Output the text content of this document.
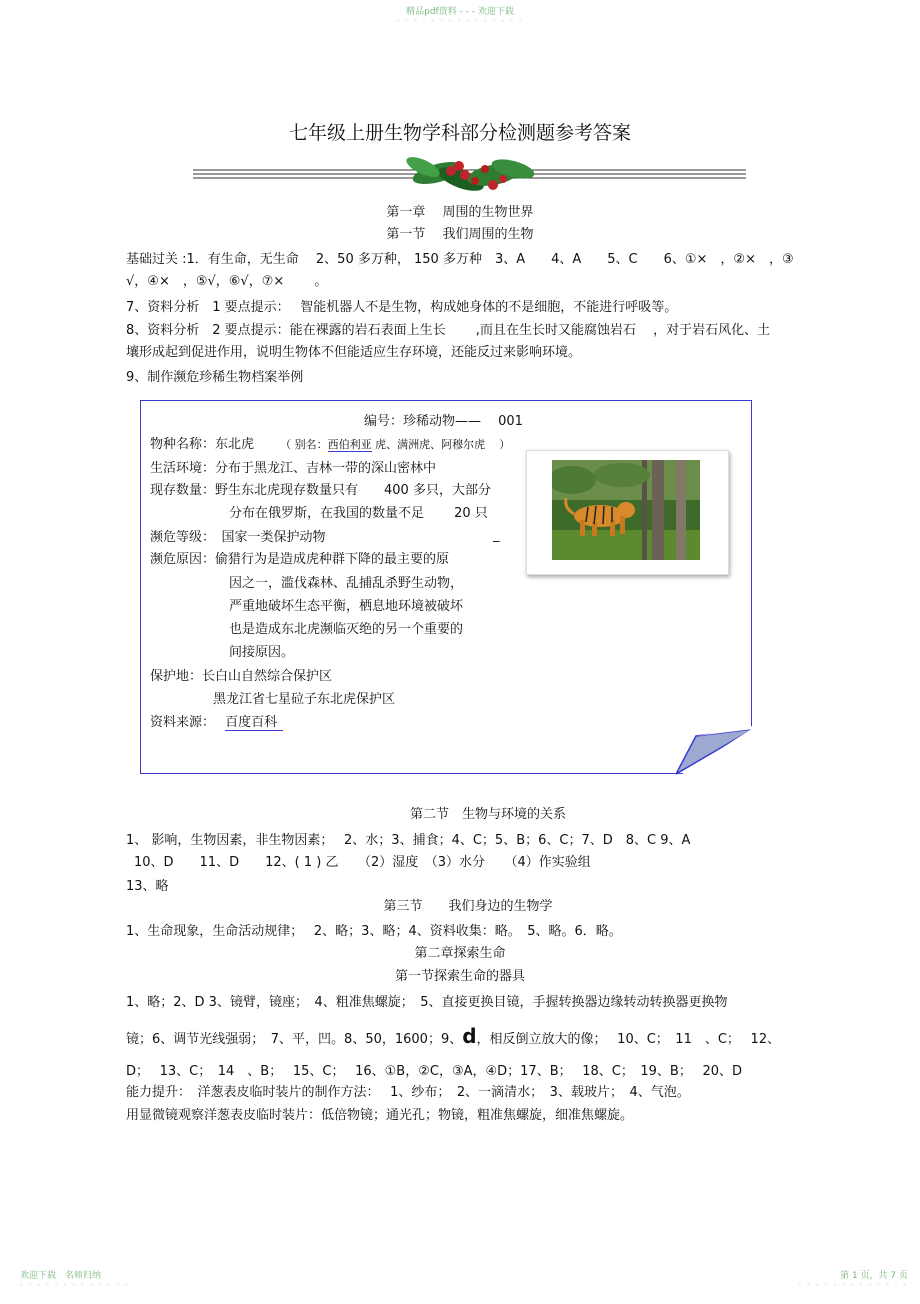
精品pdf资料 - - - 欢迎下载
- - - - - - - - - - - - - - -
七年级上册生物学科部分检测题参考答案
第一章　 周围的生物世界
第一节　 我们周围的生物
基础过关 :1．有生命，无生命　 2、50 多万种， 150 多万种　3、A　　4、A　　5、C　　6、①×　，②×　，③
√，④×　，⑤√，⑥√，⑦×　　 。
7、资料分析　1 要点提示：　 智能机器人不是生物，构成她身体的不是细胞，不能进行呼吸等。
8、资料分析　2 要点提示：能在裸露的岩石表面上生长　　 ,而且在生长时又能腐蚀岩石　 ，对于岩石风化、土
壤形成起到促进作用，说明生物体不但能适应生存环境，还能反过来影响环境。
9、制作濒危珍稀生物档案举例
编号：珍稀动物——　 001
物种名称：东北虎 （ 别名：西伯利亚 虎、满洲虎、阿穆尔虎 ）
生活环境：分布于黑龙江、吉林一带的深山密林中
现存数量：野生东北虎现存数量只有　　400 多只，大部分
分布在俄罗斯，在我国的数量不足　　 20 只
濒危等级：　国家一类保护动物	_
濒危原因：偷猎行为是造成虎种群下降的最主要的原
因之一，滥伐森林、乱捕乱杀野生动物，
严重地破坏生态平衡，栖息地环境被破坏
也是造成东北虎濒临灭绝的另一个重要的
间接原因。
保护地：长白山自然综合保护区
黑龙江省七星砬子东北虎保护区
资料来源： 百度百科
第二节　生物与环境的关系
1、 影响，生物因素，非生物因素；　 2、水；3、捕食；4、C；5、B；6、C；7、D　8、C 9、A
10、D　　11、D　　12、( 1 ) 乙　　（2）湿度　（3）水分　　（4）作实验组
13、略
第三节　　我们身边的生物学
1、生命现象，生命活动规律；　 2、略；3、略；4、资料收集：略。　5、略。6．略。
第二章探索生命
第一节探索生命的器具
1、略；2、D 3、镜臂，镜座；　4、粗准焦螺旋；　5、直接更换目镜，手握转换器边缘转动转换器更换物
镜；6、调节光线强弱；　7、平，凹。8、50，1600；9、d，相反倒立放大的像；　 10、C；　11　、C；　 12、
D；　 13、C；　14　、B；　 15、C；　 16、①B，②C，③A，④D；17、B；　 18、C；　19、B；　 20、D
能力提升：　洋葱表皮临时装片的制作方法：　 1、纱布；　2、一滴清水；　3、载玻片；　4、气泡。
用显微镜观察洋葱表皮临时装片：低倍物镜；通光孔；物镜，粗准焦螺旋，细准焦螺旋。
欢迎下载　名师归纳
- - - - - - - - - - - - -
第 1 页，共 7 页
- - - - - - - - - - - - -
